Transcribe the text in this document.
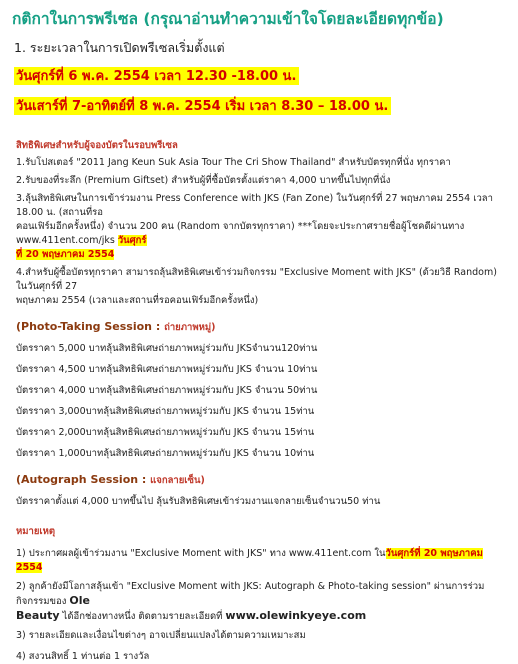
กติกาในการพรีเซล (กรุณาอ่านทำความเข้าใจโดยละเอียดทุกข้อ)
1. ระยะเวลาในการเปิดพรีเซลเริ่มตั้งแต่
วันศุกร์ที่ 6 พ.ค. 2554 เวลา 12.30 -18.00 น.
วันเสาร์ที่ 7-อาทิตย์ที่ 8 พ.ค. 2554 เริ่ม เวลา 8.30 – 18.00 น.
สิทธิพิเศษสำหรับผู้จองบัตรในรอบพรีเซล
1.รับโปสเตอร์ "2011 Jang Keun Suk Asia Tour The Cri Show Thailand" สำหรับบัตรทุกที่นั่ง ทุกราคา
2.รับของที่ระลึก (Premium Giftset) สำหรับผู้ที่ซื้อบัตรตั้งแต่ราคา 4,000 บาทขึ้นไปทุกที่นั่ง
3.ลุ้นสิทธิพิเศษในการเข้าร่วมงาน Press Conference with JKS (Fan Zone) ในวันศุกร์ที่ 27 พฤษภาคม 2554 เวลา 18.00 น. (สถานที่รอ
คอนเฟิร์มอีกครั้งหนึ่ง) จำนวน 200 คน (Random จากบัตรทุกราคา) ***โดยจะประกาศรายชื่อผู้โชคดีผ่านทาง www.411ent.com/jks วันศุกร์
ที่ 20 พฤษภาคม 2554
4.สำหรับผู้ซื้อบัตรทุกราคา สามารถลุ้นสิทธิพิเศษเข้าร่วมกิจกรรม "Exclusive Moment with JKS" (ด้วยวิธี Random) ในวันศุกร์ที่ 27
พฤษภาคม 2554 (เวลาและสถานที่รอคอนเฟิร์มอีกครั้งหนึ่ง)
(Photo-Taking Session : ถ่ายภาพหมู่)
บัตรราคา 5,000 บาทลุ้นสิทธิพิเศษถ่ายภาพหมู่ร่วมกับ JKSจำนวน120ท่าน
บัตรราคา 4,500 บาทลุ้นสิทธิพิเศษถ่ายภาพหมู่ร่วมกับ JKS จำนวน 10ท่าน
บัตรราคา 4,000 บาทลุ้นสิทธิพิเศษถ่ายภาพหมู่ร่วมกับ JKS จำนวน 50ท่าน
บัตรราคา 3,000บาทลุ้นสิทธิพิเศษถ่ายภาพหมู่ร่วมกับ JKS จำนวน 15ท่าน
บัตรราคา 2,000บาทลุ้นสิทธิพิเศษถ่ายภาพหมู่ร่วมกับ JKS จำนวน 15ท่าน
บัตรราคา 1,000บาทลุ้นสิทธิพิเศษถ่ายภาพหมู่ร่วมกับ JKS จำนวน 10ท่าน
(Autograph Session : แจกลายเซ็น)
บัตรราคาตั้งแต่ 4,000 บาทขึ้นไป ลุ้นรับสิทธิพิเศษเข้าร่วมงานแจกลายเซ็นจำนวน50 ท่าน
หมายเหตุ
1) ประกาศผลผู้เข้าร่วมงาน "Exclusive Moment with JKS" ทาง www.411ent.com ในวันศุกร์ที่ 20 พฤษภาคม 2554
2) ลูกค้ายังมีโอกาสลุ้นเข้า "Exclusive Moment with JKS: Autograph & Photo-taking session" ผ่านการร่วมกิจกรรมของ Ole
Beauty ได้อีกช่องทางหนึ่ง ติดตามรายละเอียดที่ www.olewinkyeye.com
3) รายละเอียดและเงื่อนไขต่างๆ อาจเปลี่ยนแปลงได้ตามความเหมาะสม
4) สงวนสิทธิ์ 1 ท่านต่อ 1 รางวัล
